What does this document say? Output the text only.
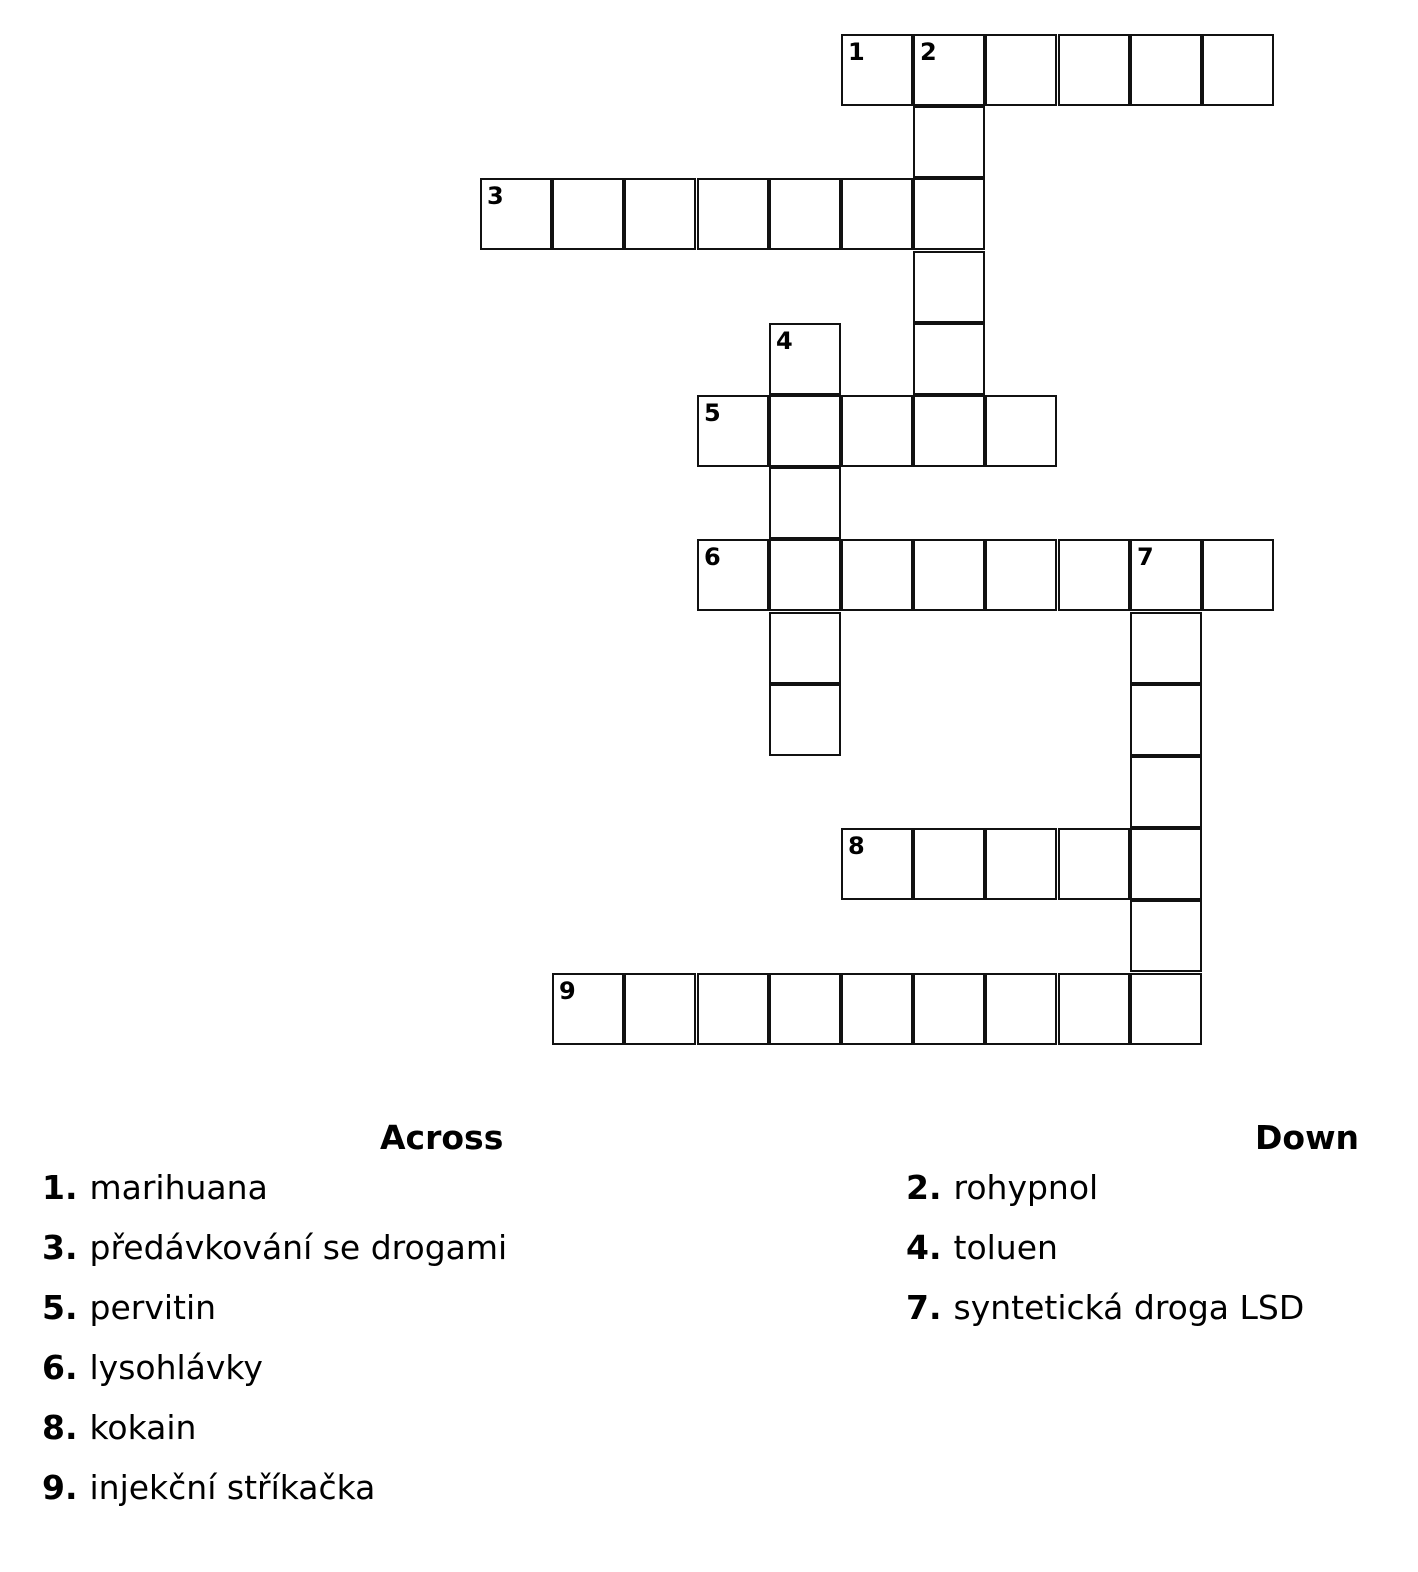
1 2
3
4
5
6	7
8
9
Across	Down
1. marihuana
3. předávkování se drogami
5. pervitin
6. lysohlávky
8. kokain
9. injekční stříkačka
2. rohypnol
4. toluen
7. syntetická droga LSD
